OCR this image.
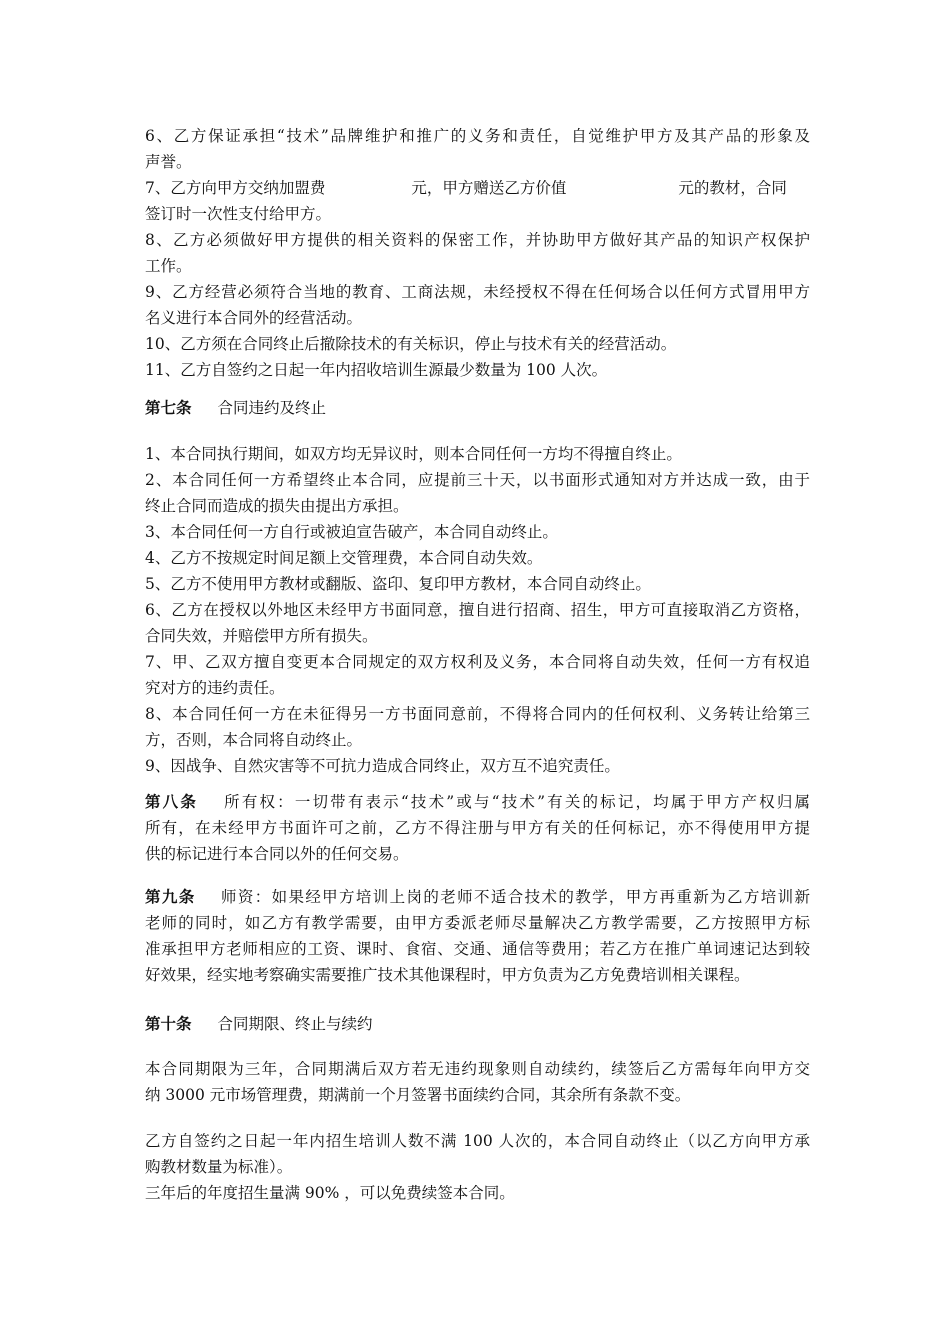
6、乙方保证承担“技术”品牌维护和推广的义务和责任，自觉维护甲方及其产品的形象及
声誉。
7、乙方向甲方交纳加盟费	元，甲方赠送乙方价值	元的教材，合同
签订时一次性支付给甲方。
8、乙方必须做好甲方提供的相关资料的保密工作，并协助甲方做好其产品的知识产权保护
工作。
9、乙方经营必须符合当地的教育、工商法规，未经授权不得在任何场合以任何方式冒用甲方
名义进行本合同外的经营活动。
10、乙方须在合同终止后撤除技术的有关标识，停止与技术有关的经营活动。
11、乙方自签约之日起一年内招收培训生源最少数量为 100 人次。
第七条 合同违约及终止
1、本合同执行期间，如双方均无异议时，则本合同任何一方均不得擅自终止。
2、本合同任何一方希望终止本合同，应提前三十天，以书面形式通知对方并达成一致，由于
终止合同而造成的损失由提出方承担。
3、本合同任何一方自行或被迫宣告破产，本合同自动终止。
4、乙方不按规定时间足额上交管理费，本合同自动失效。
5、乙方不使用甲方教材或翻版、盗印、复印甲方教材，本合同自动终止。
6、乙方在授权以外地区未经甲方书面同意，擅自进行招商、招生，甲方可直接取消乙方资格，
合同失效，并赔偿甲方所有损失。
7、甲、乙双方擅自变更本合同规定的双方权利及义务，本合同将自动失效，任何一方有权追
究对方的违约责任。
8、本合同任何一方在未征得另一方书面同意前，不得将合同内的任何权利、义务转让给第三
方，否则，本合同将自动终止。
9、因战争、自然灾害等不可抗力造成合同终止，双方互不追究责任。
第八条 所有权：一切带有表示“技术”或与“技术”有关的标记，均属于甲方产权归属
所有，在未经甲方书面许可之前，乙方不得注册与甲方有关的任何标记，亦不得使用甲方提
供的标记进行本合同以外的任何交易。
第九条 师资：如果经甲方培训上岗的老师不适合技术的教学，甲方再重新为乙方培训新
老师的同时，如乙方有教学需要，由甲方委派老师尽量解决乙方教学需要，乙方按照甲方标
准承担甲方老师相应的工资、课时、食宿、交通、通信等费用；若乙方在推广单词速记达到较
好效果，经实地考察确实需要推广技术其他课程时，甲方负责为乙方免费培训相关课程。
第十条 合同期限、终止与续约
本合同期限为三年，合同期满后双方若无违约现象则自动续约，续签后乙方需每年向甲方交
纳 3000 元市场管理费，期满前一个月签署书面续约合同，其余所有条款不变。
乙方自签约之日起一年内招生培训人数不满 100 人次的，本合同自动终止（以乙方向甲方承
购教材数量为标准）。
三年后的年度招生量满 90% ，可以免费续签本合同。
